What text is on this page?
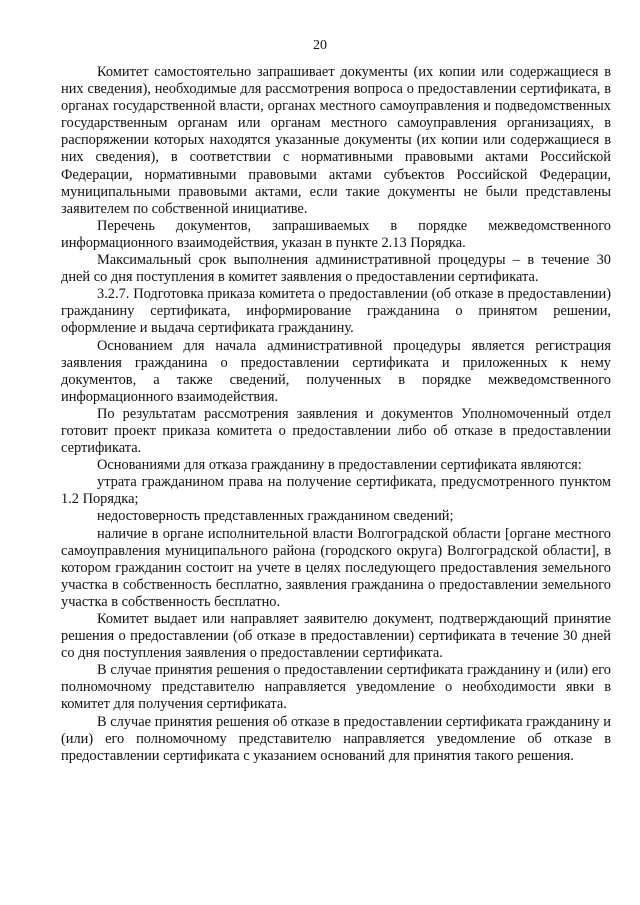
20

Комитет самостоятельно запрашивает документы (их копии или содержащиеся в них сведения), необходимые для рассмотрения вопроса о предоставлении сертификата, в органах государственной власти, органах местного самоуправления и подведомственных государственным органам или органам местного самоуправления организациях, в распоряжении которых находятся указанные документы (их копии или содержащиеся в них сведения), в соответствии с нормативными правовыми актами Российской Федерации, нормативными правовыми актами субъектов Российской Федерации, муниципальными правовыми актами, если такие документы не были представлены заявителем по собственной инициативе.

Перечень документов, запрашиваемых в порядке межведомственного информационного взаимодействия, указан в пункте 2.13 Порядка.

Максимальный срок выполнения административной процедуры – в течение 30 дней со дня поступления в комитет заявления о предоставлении сертификата.

3.2.7. Подготовка приказа комитета о предоставлении (об отказе в предоставлении) гражданину сертификата, информирование гражданина о принятом решении, оформление и выдача сертификата гражданину.

Основанием для начала административной процедуры является регистрация заявления гражданина о предоставлении сертификата и приложенных к нему документов, а также сведений, полученных в порядке межведомственного информационного взаимодействия.

По результатам рассмотрения заявления и документов Уполномоченный отдел готовит проект приказа комитета о предоставлении либо об отказе в предоставлении сертификата.

Основаниями для отказа гражданину в предоставлении сертификата являются:

утрата гражданином права на получение сертификата, предусмотренного пунктом 1.2 Порядка;

недостоверность представленных гражданином сведений;

наличие в органе исполнительной власти Волгоградской области [органе местного самоуправления муниципального района (городского округа) Волгоградской области], в котором гражданин состоит на учете в целях последующего предоставления земельного участка в собственность бесплатно, заявления гражданина о предоставлении земельного участка в собственность бесплатно.

Комитет выдает или направляет заявителю документ, подтверждающий принятие решения о предоставлении (об отказе в предоставлении) сертификата в течение 30 дней со дня поступления заявления о предоставлении сертификата.

В случае принятия решения о предоставлении сертификата гражданину и (или) его полномочному представителю направляется уведомление о необходимости явки в комитет для получения сертификата.

В случае принятия решения об отказе в предоставлении сертификата гражданину и (или) его полномочному представителю направляется уведомление об отказе в предоставлении сертификата с указанием оснований для принятия такого решения.
